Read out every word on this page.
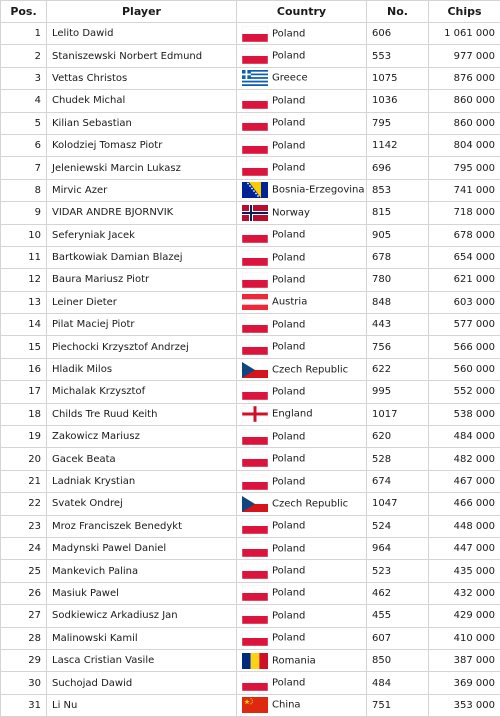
Pos.	Player	Country	No.	Chips
1	Lelito Dawid	Poland	606	1 061 000
2	Staniszewski Norbert Edmund	Poland	553	977 000
3	Vettas Christos	Greece	1075	876 000
4	Chudek Michal	Poland	1036	860 000
5	Kilian Sebastian	Poland	795	860 000
6	Kolodziej Tomasz Piotr	Poland	1142	804 000
7	Jeleniewski Marcin Lukasz	Poland	696	795 000
8	Mirvic Azer	Bosnia-Erzegovina	853	741 000
9	VIDAR ANDRE BJORNVIK	Norway	815	718 000
10	Seferyniak Jacek	Poland	905	678 000
11	Bartkowiak Damian Blazej	Poland	678	654 000
12	Baura Mariusz Piotr	Poland	780	621 000
13	Leiner Dieter	Austria	848	603 000
14	Pilat Maciej Piotr	Poland	443	577 000
15	Piechocki Krzysztof Andrzej	Poland	756	566 000
16	Hladik Milos	Czech Republic	622	560 000
17	Michalak Krzysztof	Poland	995	552 000
18	Childs Tre Ruud Keith	England	1017	538 000
19	Zakowicz Mariusz	Poland	620	484 000
20	Gacek Beata	Poland	528	482 000
21	Ladniak Krystian	Poland	674	467 000
22	Svatek Ondrej	Czech Republic	1047	466 000
23	Mroz Franciszek Benedykt	Poland	524	448 000
24	Madynski Pawel Daniel	Poland	964	447 000
25	Mankevich Palina	Poland	523	435 000
26	Masiuk Pawel	Poland	462	432 000
27	Sodkiewicz Arkadiusz Jan	Poland	455	429 000
28	Malinowski Kamil	Poland	607	410 000
29	Lasca Cristian Vasile	Romania	850	387 000
30	Suchojad Dawid	Poland	484	369 000
31	Li Nu	China	751	353 000
